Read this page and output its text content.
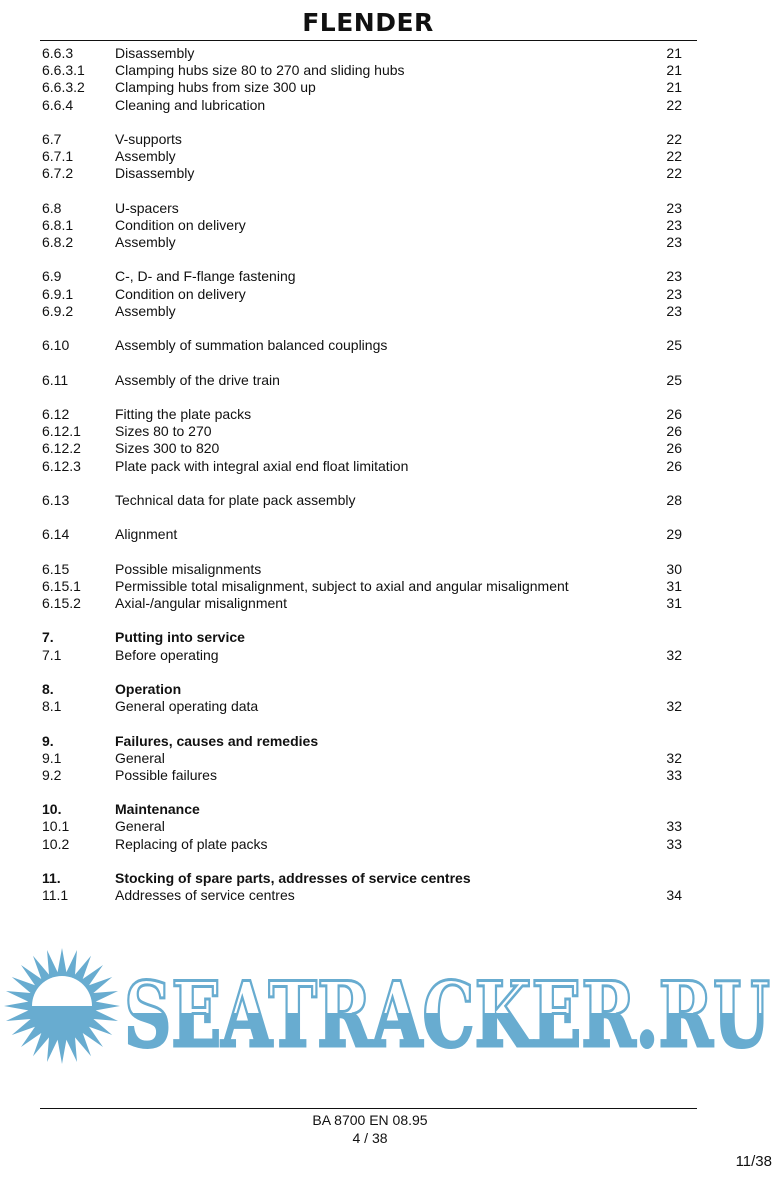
FLENDER
6.6.3	Disassembly	21
6.6.3.1 Clamping hubs size 80 to 270 and sliding hubs	21
6.6.3.2 Clamping hubs from size 300 up	21
6.6.4	Cleaning and lubrication	22
6.7	V-supports	22
6.7.1	Assembly	22
6.7.2	Disassembly	22
6.8	U-spacers	23
6.8.1	Condition on delivery	23
6.8.2	Assembly	23
6.9	C-, D- and F-flange fastening	23
6.9.1	Condition on delivery	23
6.9.2	Assembly	23
6.10	Assembly of summation balanced couplings	25
6.11	Assembly of the drive train	25
6.12	Fitting the plate packs	26
6.12.1 Sizes 80 to 270	26
6.12.2 Sizes 300 to 820	26
6.12.3 Plate pack with integral axial end float limitation	26
6.13	Technical data for plate pack assembly	28
6.14	Alignment	29
6.15	Possible misalignments	30
6.15.1 Permissible total misalignment, subject to axial and angular misalignment	31
6.15.2 Axial-/angular misalignment	31
7.	Putting into service
7.1	Before operating	32
8.	Operation
8.1	General operating data	32
9.	Failures, causes and remedies
9.1	General	32
9.2	Possible failures	33
10.	Maintenance
10.1	General	33
10.2	Replacing of plate packs	33
11.	Stocking of spare parts, addresses of service centres
11.1	Addresses of service centres	34
SEATRACKER.RU
BA 8700 EN 08.95
4 / 38
11/38
